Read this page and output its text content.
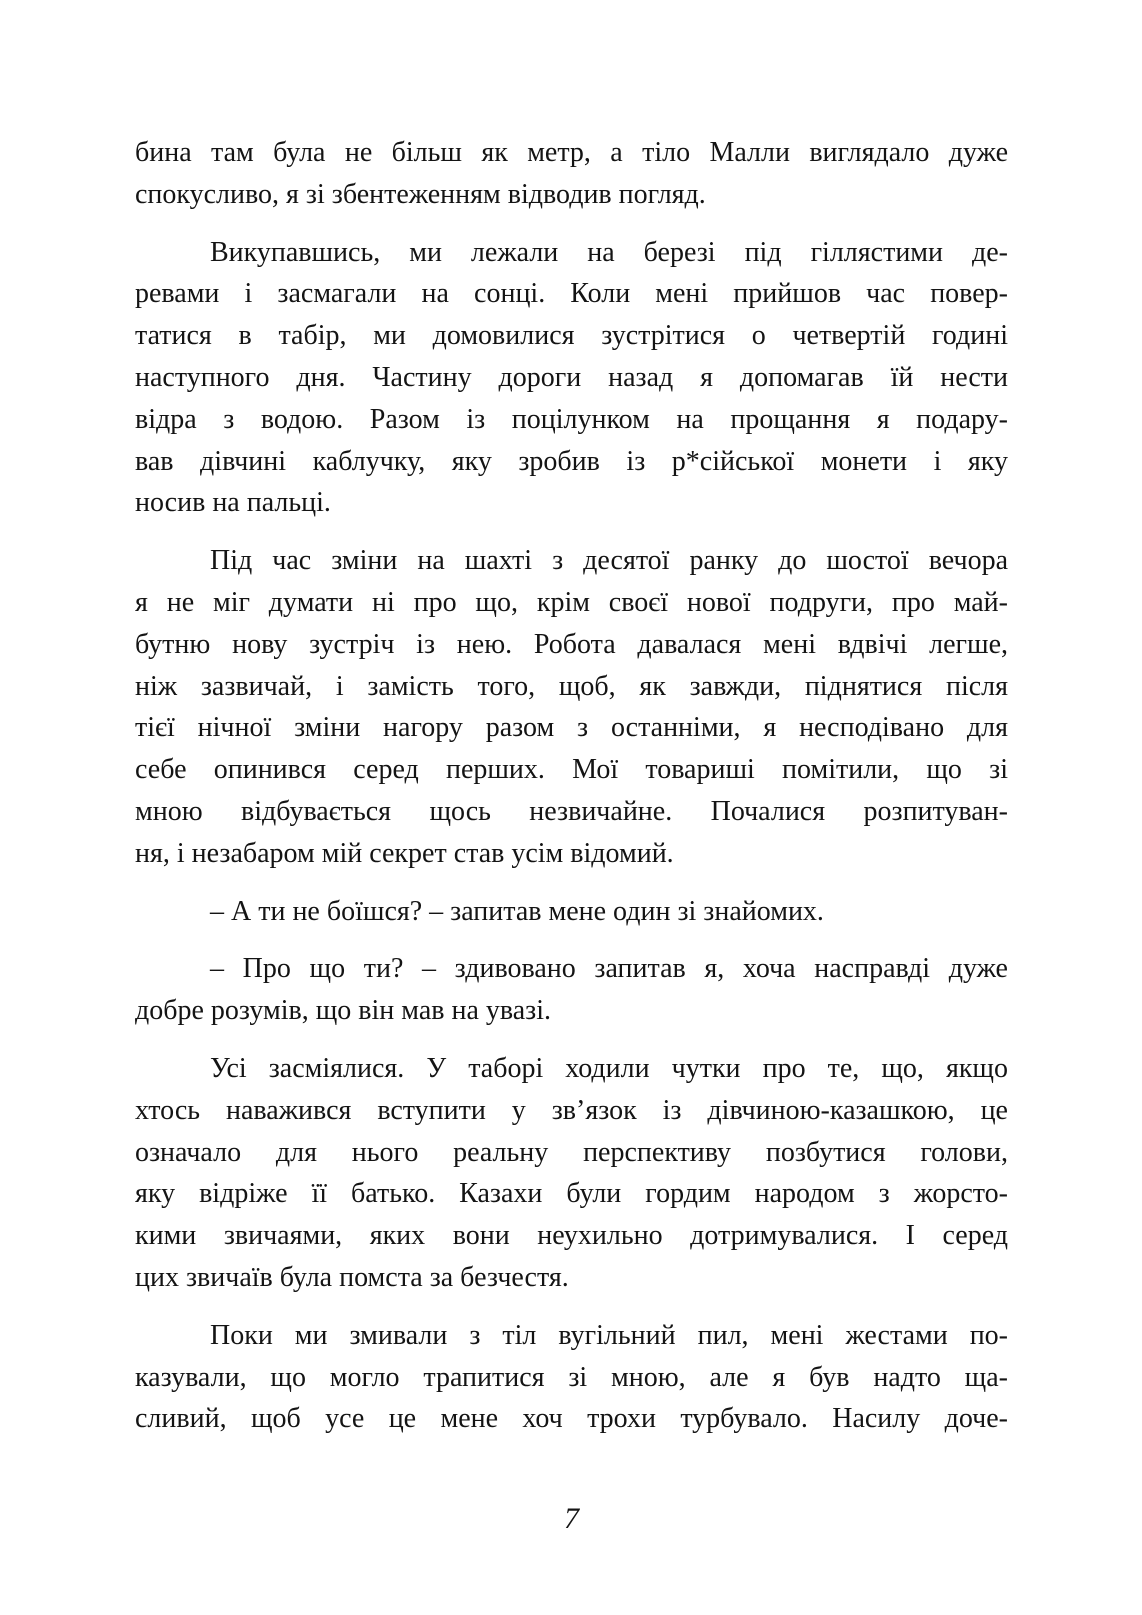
бина там була не більш як метр, а тіло Малли виглядало дуже
спокусливо, я зі збентеженням відводив погляд.
Викупавшись, ми лежали на березі під гіллястими де-
ревами і засмагали на сонці. Коли мені прийшов час повер-
татися в табір, ми домовилися зустрітися о четвертій годині
наступного дня. Частину дороги назад я допомагав їй нести
відра з водою. Разом із поцілунком на прощання я подару-
вав дівчині каблучку, яку зробив із р*сійської монети і яку
носив на пальці.
Під час зміни на шахті з десятої ранку до шостої вечора
я не міг думати ні про що, крім своєї нової подруги, про май-
бутню нову зустріч із нею. Робота давалася мені вдвічі легше,
ніж зазвичай, і замість того, щоб, як завжди, піднятися після
тієї нічної зміни нагору разом з останніми, я несподівано для
себе опинився серед перших. Мої товариші помітили, що зі
мною відбувається щось незвичайне. Почалися розпитуван-
ня, і незабаром мій секрет став усім відомий.
– А ти не боїшся? – запитав мене один зі знайомих.
– Про що ти? – здивовано запитав я, хоча насправді дуже
добре розумів, що він мав на увазі.
Усі засміялися. У таборі ходили чутки про те, що, якщо
хтось наважився вступити у зв’язок із дівчиною-казашкою, це
означало для нього реальну перспективу позбутися голови,
яку відріже її батько. Казахи були гордим народом з жорсто-
кими звичаями, яких вони неухильно дотримувалися. І серед
цих звичаїв була помста за безчестя.
Поки ми змивали з тіл вугільний пил, мені жестами по-
казували, що могло трапитися зі мною, але я був надто ща-
сливий, щоб усе це мене хоч трохи турбувало. Насилу доче-
7
